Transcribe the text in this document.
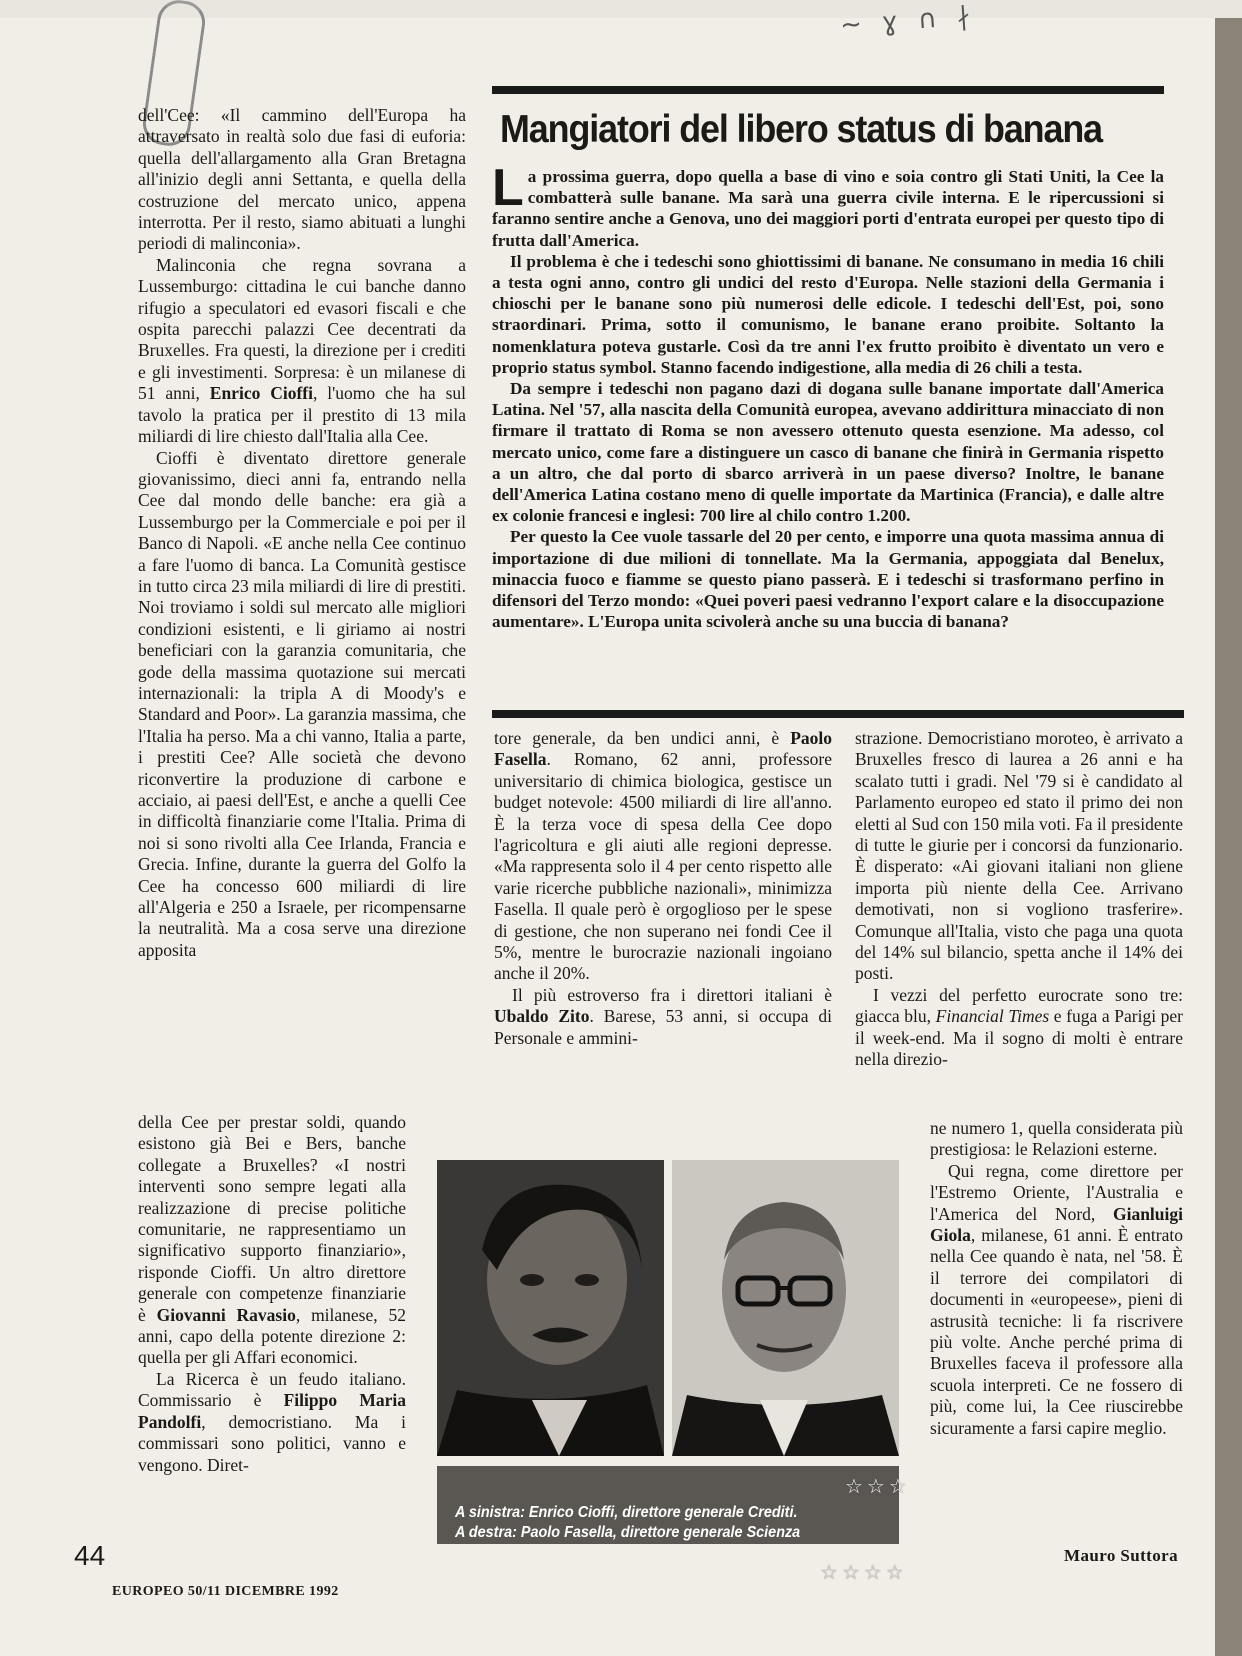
~ ɣ ∩ ∤

dell'Cee: «Il cammino dell'Europa ha attraversato in realtà solo due fasi di euforia: quella dell'allargamento alla Gran Bretagna all'inizio degli anni Settanta, e quella della costruzione del mercato unico, appena interrotta. Per il resto, siamo abituati a lunghi periodi di malinconia».

Malinconia che regna sovrana a Lussemburgo: cittadina le cui banche danno rifugio a speculatori ed evasori fiscali e che ospita parecchi palazzi Cee decentrati da Bruxelles. Fra questi, la direzione per i crediti e gli investimenti. Sorpresa: è un milanese di 51 anni, Enrico Cioffi, l'uomo che ha sul tavolo la pratica per il prestito di 13 mila miliardi di lire chiesto dall'Italia alla Cee.

Cioffi è diventato direttore generale giovanissimo, dieci anni fa, entrando nella Cee dal mondo delle banche: era già a Lussemburgo per la Commerciale e poi per il Banco di Napoli. «E anche nella Cee continuo a fare l'uomo di banca. La Comunità gestisce in tutto circa 23 mila miliardi di lire di prestiti. Noi troviamo i soldi sul mercato alle migliori condizioni esistenti, e li giriamo ai nostri beneficiari con la garanzia comunitaria, che gode della massima quotazione sui mercati internazionali: la tripla A di Moody's e Standard and Poor». La garanzia massima, che l'Italia ha perso. Ma a chi vanno, Italia a parte, i prestiti Cee? Alle società che devono riconvertire la produzione di carbone e acciaio, ai paesi dell'Est, e anche a quelli Cee in difficoltà finanziarie come l'Italia. Prima di noi si sono rivolti alla Cee Irlanda, Francia e Grecia. Infine, durante la guerra del Golfo la Cee ha concesso 600 miliardi di lire all'Algeria e 250 a Israele, per ricompensarne la neutralità. Ma a cosa serve una direzione apposita

della Cee per prestar soldi, quando esistono già Bei e Bers, banche collegate a Bruxelles? «I nostri interventi sono sempre legati alla realizzazione di precise politiche comunitarie, ne rappresentiamo un significativo supporto finanziario», risponde Cioffi. Un altro direttore generale con competenze finanziarie è Giovanni Ravasio, milanese, 52 anni, capo della potente direzione 2: quella per gli Affari economici.

La Ricerca è un feudo italiano. Commissario è Filippo Maria Pandolfi, democristiano. Ma i commissari sono politici, vanno e vengono. Diret-

Mangiatori del libero status di banana

La prossima guerra, dopo quella a base di vino e soia contro gli Stati Uniti, la Cee la combatterà sulle banane. Ma sarà una guerra civile interna. E le ripercussioni si faranno sentire anche a Genova, uno dei maggiori porti d'entrata europei per questo tipo di frutta dall'America.

Il problema è che i tedeschi sono ghiottissimi di banane. Ne consumano in media 16 chili a testa ogni anno, contro gli undici del resto d'Europa. Nelle stazioni della Germania i chioschi per le banane sono più numerosi delle edicole. I tedeschi dell'Est, poi, sono straordinari. Prima, sotto il comunismo, le banane erano proibite. Soltanto la nomenklatura poteva gustarle. Così da tre anni l'ex frutto proibito è diventato un vero e proprio status symbol. Stanno facendo indigestione, alla media di 26 chili a testa.

Da sempre i tedeschi non pagano dazi di dogana sulle banane importate dall'America Latina. Nel '57, alla nascita della Comunità europea, avevano addirittura minacciato di non firmare il trattato di Roma se non avessero ottenuto questa esenzione. Ma adesso, col mercato unico, come fare a distinguere un casco di banane che finirà in Germania rispetto a un altro, che dal porto di sbarco arriverà in un paese diverso? Inoltre, le banane dell'America Latina costano meno di quelle importate da Martinica (Francia), e dalle altre ex colonie francesi e inglesi: 700 lire al chilo contro 1.200.

Per questo la Cee vuole tassarle del 20 per cento, e imporre una quota massima annua di importazione di due milioni di tonnellate. Ma la Germania, appoggiata dal Benelux, minaccia fuoco e fiamme se questo piano passerà. E i tedeschi si trasformano perfino in difensori del Terzo mondo: «Quei poveri paesi vedranno l'export calare e la disoccupazione aumentare». L'Europa unita scivolerà anche su una buccia di banana?

tore generale, da ben undici anni, è Paolo Fasella. Romano, 62 anni, professore universitario di chimica biologica, gestisce un budget notevole: 4500 miliardi di lire all'anno. È la terza voce di spesa della Cee dopo l'agricoltura e gli aiuti alle regioni depresse. «Ma rappresenta solo il 4 per cento rispetto alle varie ricerche pubbliche nazionali», minimizza Fasella. Il quale però è orgoglioso per le spese di gestione, che non superano nei fondi Cee il 5%, mentre le burocrazie nazionali ingoiano anche il 20%.

Il più estroverso fra i direttori italiani è Ubaldo Zito. Barese, 53 anni, si occupa di Personale e ammini-

strazione. Democristiano moroteo, è arrivato a Bruxelles fresco di laurea a 26 anni e ha scalato tutti i gradi. Nel '79 si è candidato al Parlamento europeo ed stato il primo dei non eletti al Sud con 150 mila voti. Fa il presidente di tutte le giurie per i concorsi da funzionario. È disperato: «Ai giovani italiani non gliene importa più niente della Cee. Arrivano demotivati, non si vogliono trasferire». Comunque all'Italia, visto che paga una quota del 14% sul bilancio, spetta anche il 14% dei posti.

I vezzi del perfetto eurocrate sono tre: giacca blu, Financial Times e fuga a Parigi per il week-end. Ma il sogno di molti è entrare nella direzio-

ne numero 1, quella considerata più prestigiosa: le Relazioni esterne.

Qui regna, come direttore per l'Estremo Oriente, l'Australia e l'America del Nord, Gianluigi Giola, milanese, 61 anni. È entrato nella Cee quando è nata, nel '58. È il terrore dei compilatori di documenti in «europeese», pieni di astrusità tecniche: li fa riscrivere più volte. Anche perché prima di Bruxelles faceva il professore alla scuola interpreti. Ce ne fossero di più, come lui, la Cee riuscirebbe sicuramente a farsi capire meglio.

A sinistra: Enrico Cioffi, direttore generale Crediti.
A destra: Paolo Fasella, direttore generale Scienza
☆☆☆
☆☆☆☆
44
EUROPEO 50/11 DICEMBRE 1992
Mauro Suttora
